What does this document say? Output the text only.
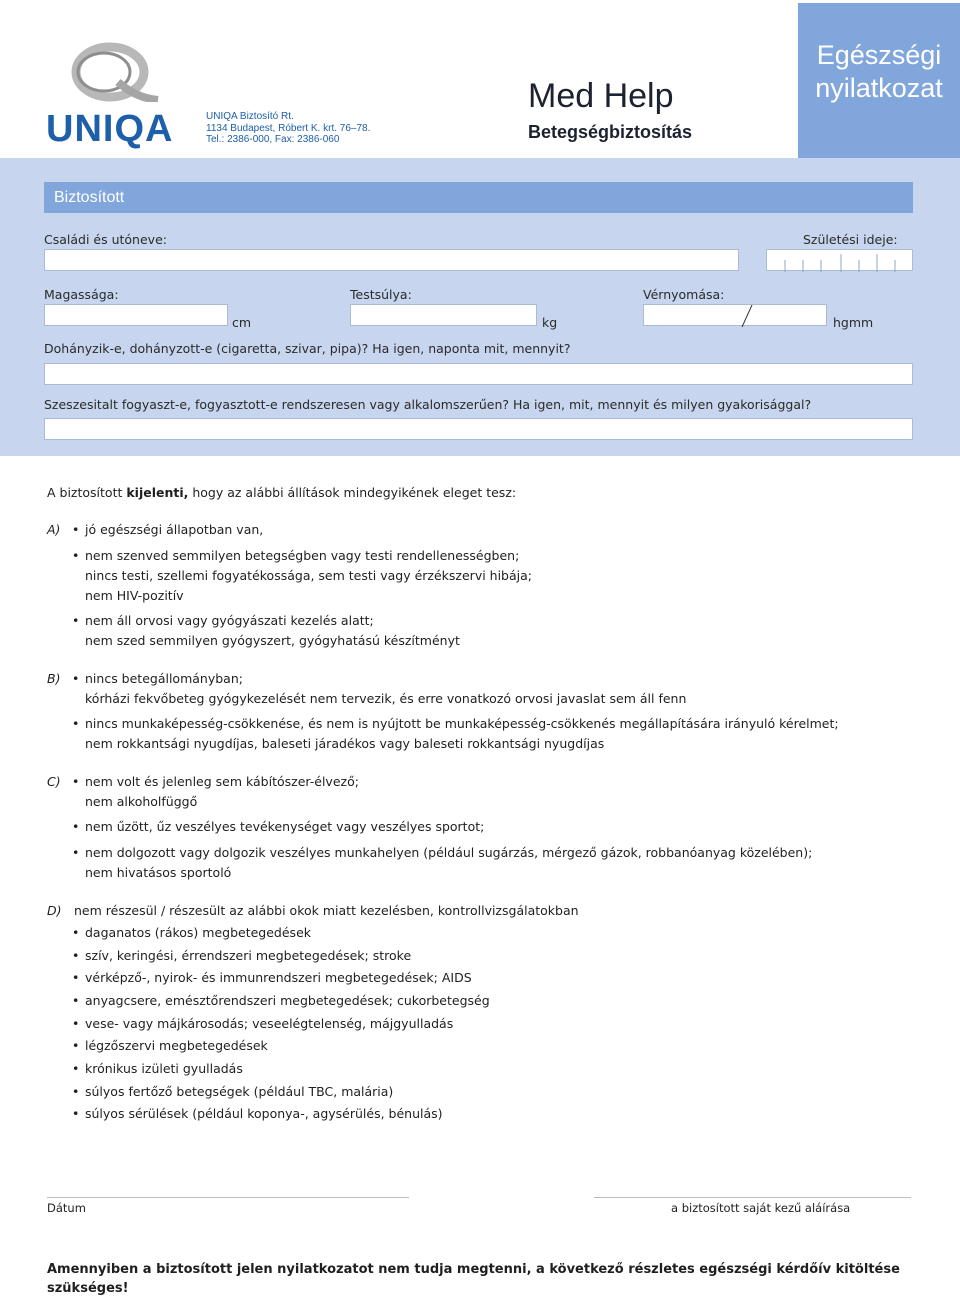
UNIQA	UNIQA Biztosító Rt.
1134 Budapest, Róbert K. krt. 76–78.
Tel.: 2386-000, Fax: 2386-060
Med Help
Betegségbiztosítás
Egészségi
nyilatkozat
Biztosított
Családi és utóneve:	Születési ideje:
Magassága:	Testsúlya:	Vérnyomása:
cm	kg	hgmm
Dohányzik-e, dohányzott-e (cigaretta, szivar, pipa)? Ha igen, naponta mit, mennyit?
Szeszesitalt fogyaszt-e, fogyasztott-e rendszeresen vagy alkalomszerűen? Ha igen, mit, mennyit és milyen gyakorisággal?
A biztosított kijelenti, hogy az alábbi állítások mindegyikének eleget tesz:
A) • jó egészségi állapotban van,
• nem szenved semmilyen betegségben vagy testi rendellenességben;
nincs testi, szellemi fogyatékossága, sem testi vagy érzékszervi hibája;
nem HIV-pozitív
• nem áll orvosi vagy gyógyászati kezelés alatt;
nem szed semmilyen gyógyszert, gyógyhatású készítményt
B) • nincs betegállományban;
kórházi fekvőbeteg gyógykezelését nem tervezik, és erre vonatkozó orvosi javaslat sem áll fenn
• nincs munkaképesség-csökkenése, és nem is nyújtott be munkaképesség-csökkenés megállapítására irányuló kérelmet;
nem rokkantsági nyugdíjas, baleseti járadékos vagy baleseti rokkantsági nyugdíjas
C) • nem volt és jelenleg sem kábítószer-élvező;
nem alkoholfüggő
• nem űzött, űz veszélyes tevékenységet vagy veszélyes sportot;
• nem dolgozott vagy dolgozik veszélyes munkahelyen (például sugárzás, mérgező gázok, robbanóanyag közelében);
nem hivatásos sportoló
D) nem részesül / részesült az alábbi okok miatt kezelésben, kontrollvizsgálatokban
• daganatos (rákos) megbetegedések
• szív, keringési, érrendszeri megbetegedések; stroke
• vérképző-, nyirok- és immunrendszeri megbetegedések; AIDS
• anyagcsere, emésztőrendszeri megbetegedések; cukorbetegség
• vese- vagy májkárosodás; veseelégtelenség, májgyulladás
• légzőszervi megbetegedések
• krónikus izületi gyulladás
• súlyos fertőző betegségek (például TBC, malária)
• súlyos sérülések (például koponya-, agysérülés, bénulás)
Dátum	a biztosított saját kezű aláírása
Amennyiben a biztosított jelen nyilatkozatot nem tudja megtenni, a következő részletes egészségi kérdőív kitöltése szükséges!
